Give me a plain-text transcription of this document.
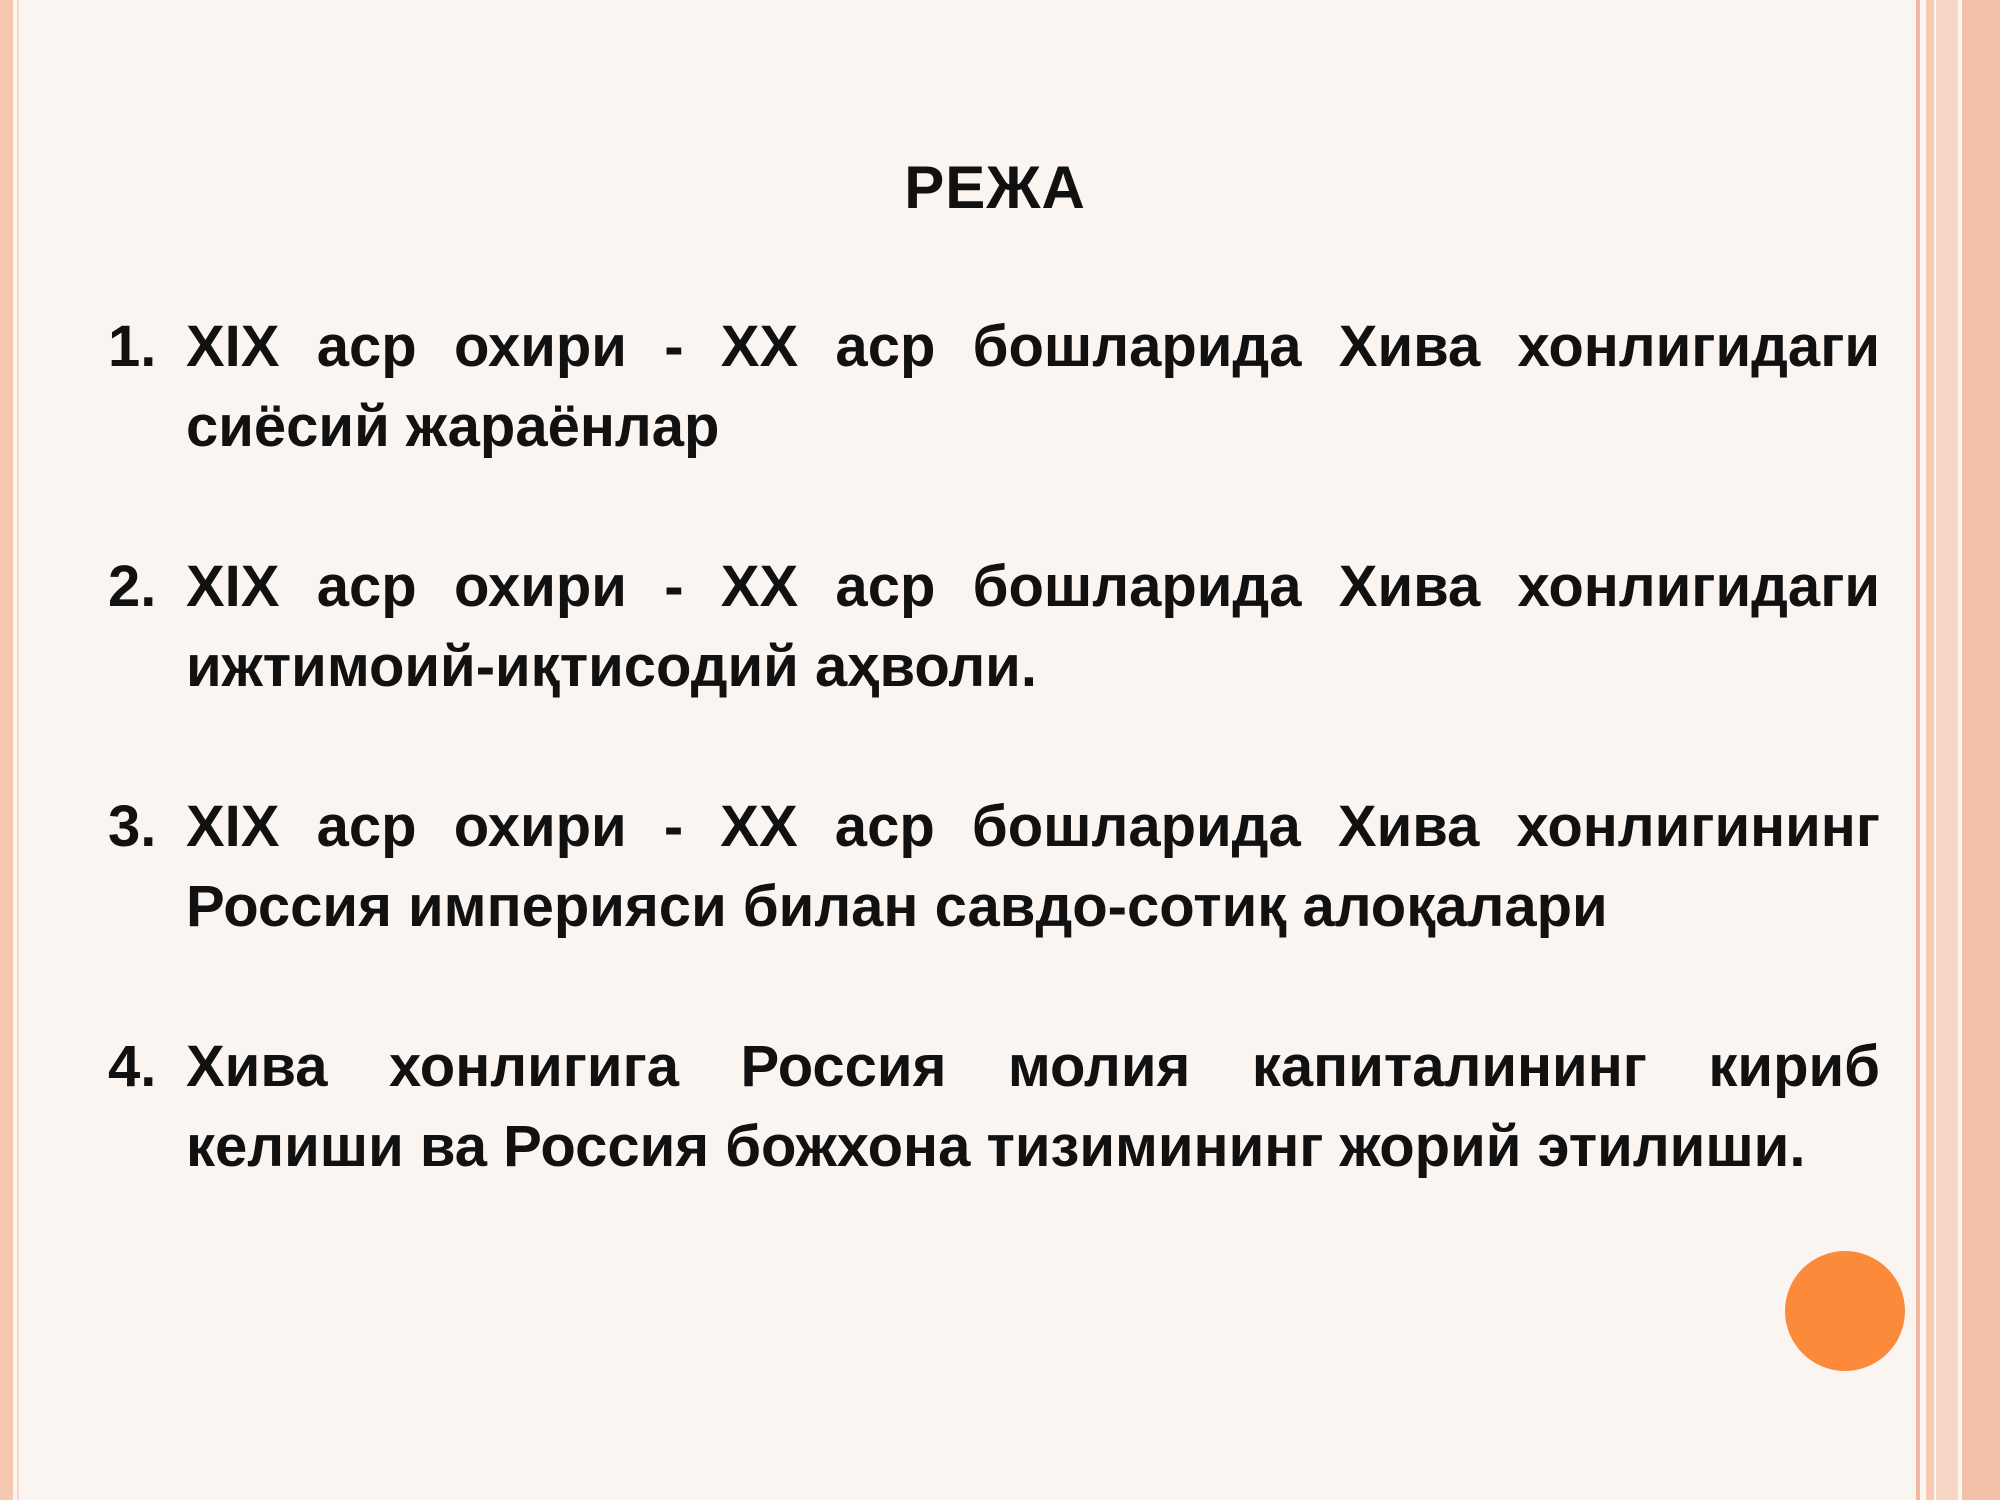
РЕЖА
1. XIX аср охири - XX аср бошларида Хива хонлигидаги сиёсий жараёнлар
2. XIX аср охири - XX аср бошларида Хива хонлигидаги ижтимоий-иқтисодий аҳволи.
3. XIX аср охири - XX аср бошларида Хива хонлигининг Россия империяси билан савдо-сотиқ алоқалари
4. Хива хонлигига Россия молия капиталининг кириб келиши ва Россия божхона тизимининг жорий этилиши.
